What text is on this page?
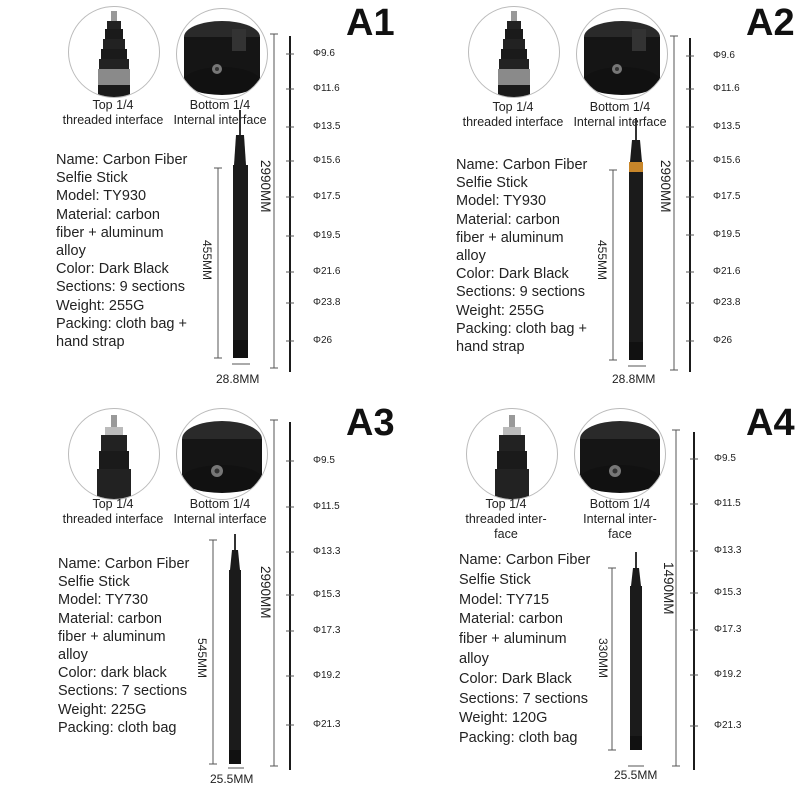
A1
Top 1/4
threaded interface
Bottom 1/4
Internal interface
Name: Carbon Fiber
Selfie Stick
Model: TY930
Material: carbon
fiber + aluminum
alloy
Color: Dark Black
Sections: 9 sections
Weight: 255G
Packing: cloth bag +
hand strap
455MM
2990MM
28.8MM
Φ9.6
Φ11.6
Φ13.5
Φ15.6
Φ17.5
Φ19.5
Φ21.6
Φ23.8
Φ26
A2
Top 1/4
threaded interface
Bottom 1/4
Internal interface
Name: Carbon Fiber
Selfie Stick
Model: TY930
Material: carbon
fiber + aluminum
alloy
Color: Dark Black
Sections: 9 sections
Weight: 255G
Packing: cloth bag +
hand strap
455MM
2990MM
28.8MM
Φ9.6
Φ11.6
Φ13.5
Φ15.6
Φ17.5
Φ19.5
Φ21.6
Φ23.8
Φ26
A3
Top 1/4
threaded interface
Bottom 1/4
Internal interface
Name: Carbon Fiber
Selfie Stick
Model: TY730
Material: carbon
fiber + aluminum
alloy
Color: dark black
Sections: 7 sections
Weight: 225G
Packing: cloth bag
545MM
2990MM
25.5MM
Φ9.5
Φ11.5
Φ13.3
Φ15.3
Φ17.3
Φ19.2
Φ21.3
A4
Top 1/4
threaded inter-
face
Bottom 1/4
Internal inter-
face
Name: Carbon Fiber
Selfie Stick
Model: TY715
Material: carbon
fiber + aluminum
alloy
Color: Dark Black
Sections: 7 sections
Weight: 120G
Packing: cloth bag
330MM
1490MM
25.5MM
Φ9.5
Φ11.5
Φ13.3
Φ15.3
Φ17.3
Φ19.2
Φ21.3
